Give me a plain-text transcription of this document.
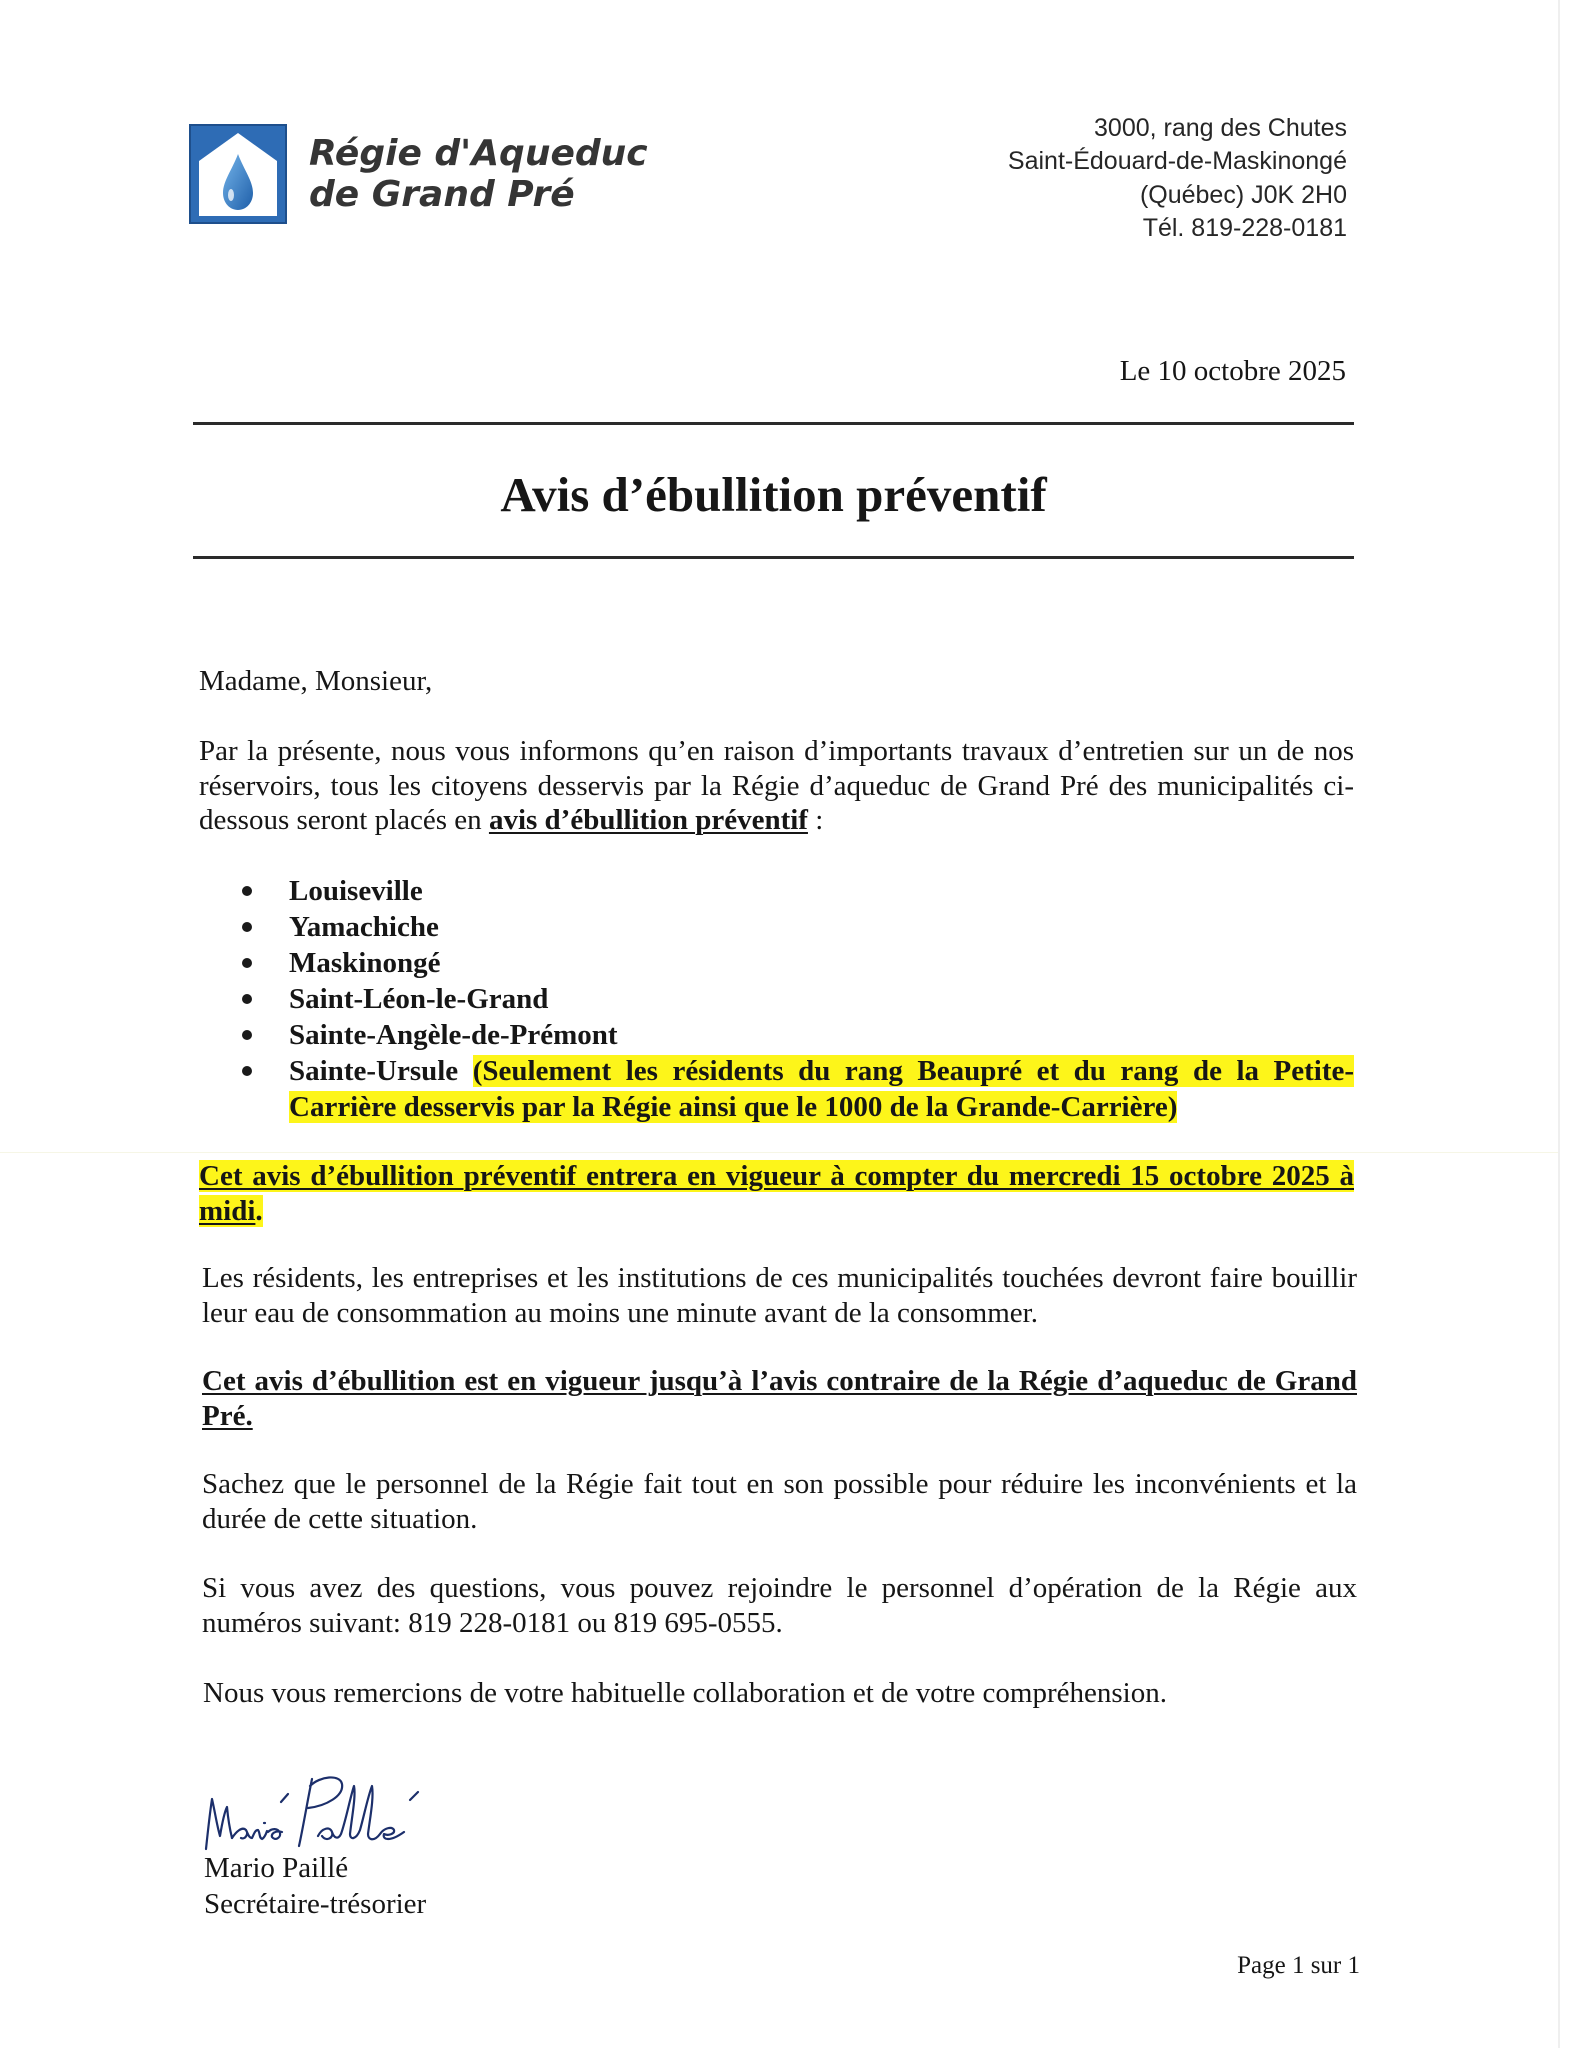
Régie d'Aqueduc
de Grand Pré
3000, rang des Chutes
Saint-Édouard-de-Maskinongé
(Québec) J0K 2H0
Tél. 819-228-0181
Le 10 octobre 2025
Avis d’ébullition préventif
Madame, Monsieur,
Par la présente, nous vous informons qu’en raison d’importants travaux d’entretien sur un de nos
réservoirs, tous les citoyens desservis par la Régie d’aqueduc de Grand Pré des municipalités ci-
dessous seront placés en avis d’ébullition préventif :
Louiseville
Yamachiche
Maskinongé
Saint-Léon-le-Grand
Sainte-Angèle-de-Prémont
Sainte-Ursule (Seulement les résidents du rang Beaupré et du rang de la Petite-
Carrière desservis par la Régie ainsi que le 1000 de la Grande-Carrière)
Cet avis d’ébullition préventif entrera en vigueur à compter du mercredi 15 octobre 2025 à
midi.
Les résidents, les entreprises et les institutions de ces municipalités touchées devront faire bouillir
leur eau de consommation au moins une minute avant de la consommer.
Cet avis d’ébullition est en vigueur jusqu’à l’avis contraire de la Régie d’aqueduc de Grand
Pré.
Sachez que le personnel de la Régie fait tout en son possible pour réduire les inconvénients et la
durée de cette situation.
Si vous avez des questions, vous pouvez rejoindre le personnel d’opération de la Régie aux
numéros suivant: 819 228-0181 ou 819 695-0555.
Nous vous remercions de votre habituelle collaboration et de votre compréhension.
Mario Paillé
Secrétaire-trésorier
Page 1 sur 1
